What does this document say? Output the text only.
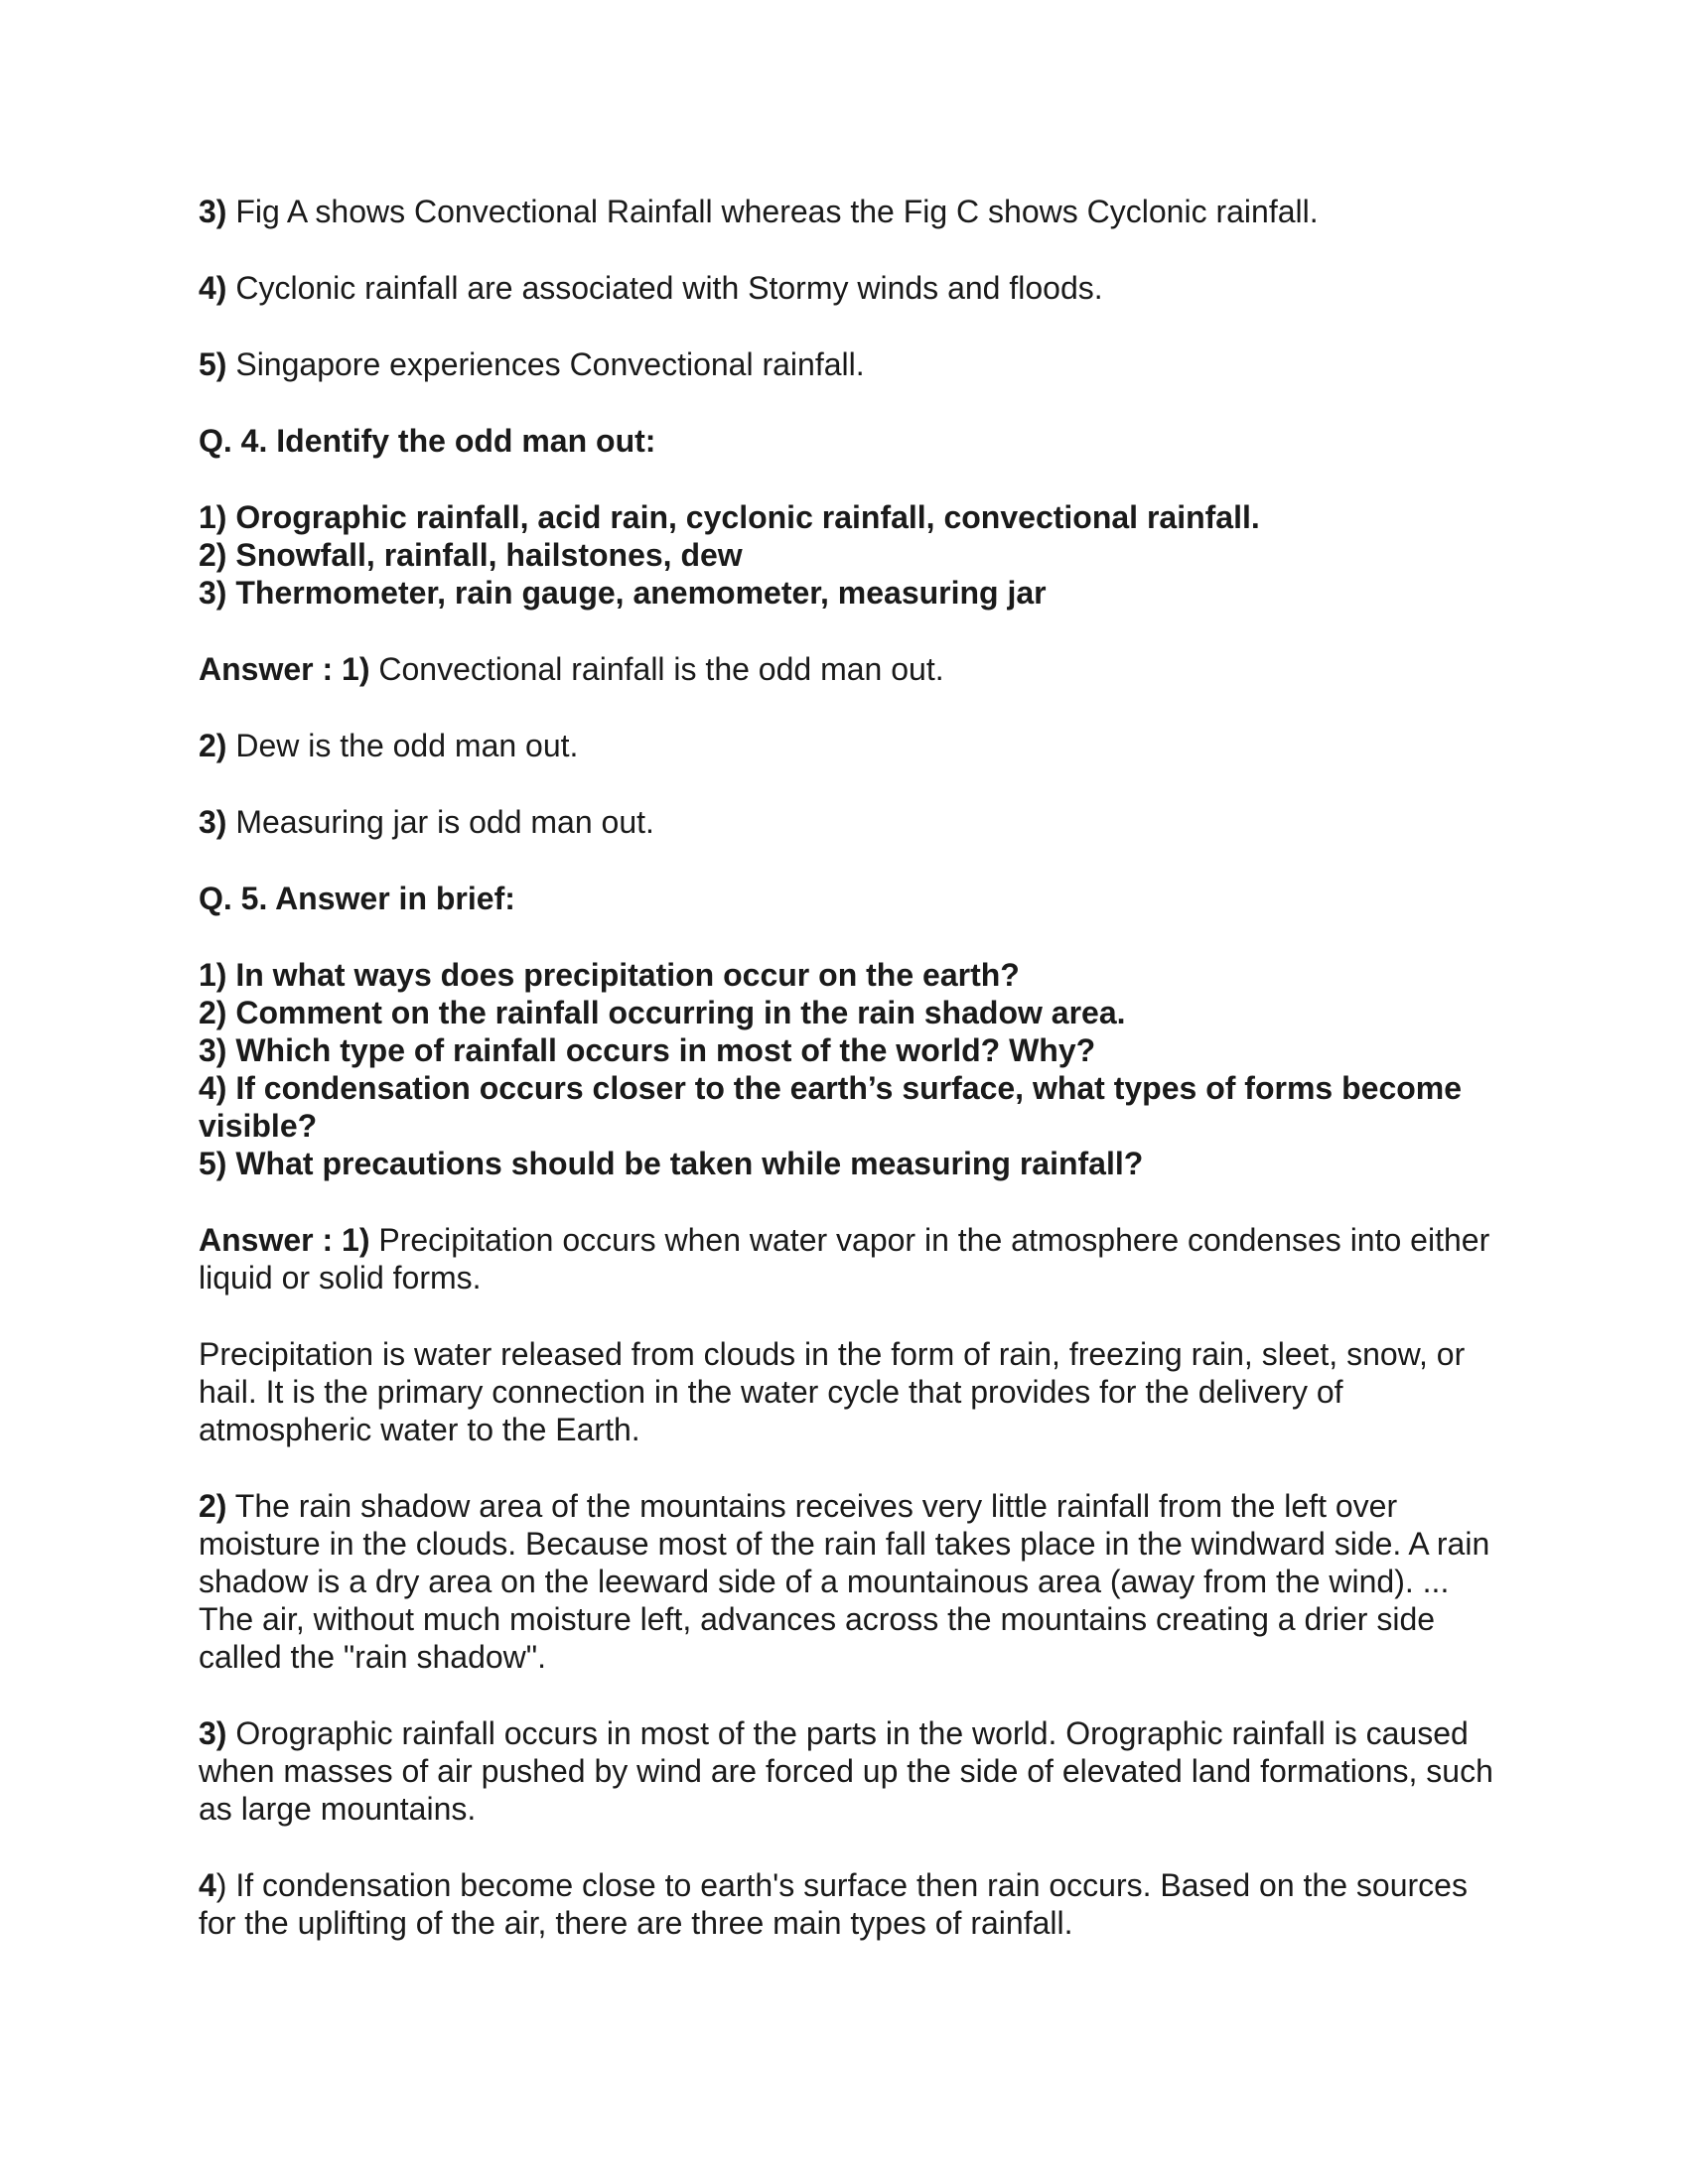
3) Fig A shows Convectional Rainfall whereas the Fig C shows Cyclonic rainfall.

4) Cyclonic rainfall are associated with Stormy winds and floods.

5) Singapore experiences Convectional rainfall.

Q. 4. Identify the odd man out:

1) Orographic rainfall, acid rain, cyclonic rainfall, convectional rainfall.

2) Snowfall, rainfall, hailstones, dew

3) Thermometer, rain gauge, anemometer, measuring jar

Answer : 1) Convectional rainfall is the odd man out.

2) Dew is the odd man out.

3) Measuring jar is odd man out.

Q. 5. Answer in brief:

1) In what ways does precipitation occur on the earth?

2) Comment on the rainfall occurring in the rain shadow area.

3) Which type of rainfall occurs in most of the world? Why?

4) If condensation occurs closer to the earth’s surface, what types of forms become visible?

5) What precautions should be taken while measuring rainfall?

Answer : 1) Precipitation occurs when water vapor in the atmosphere condenses into either liquid or solid forms.

Precipitation is water released from clouds in the form of rain, freezing rain, sleet, snow, or hail. It is the primary connection in the water cycle that provides for the delivery of atmospheric water to the Earth.

2) The rain shadow area of the mountains receives very little rainfall from the left over moisture in the clouds. Because most of the rain fall takes place in the windward side. A rain shadow is a dry area on the leeward side of a mountainous area (away from the wind). ... The air, without much moisture left, advances across the mountains creating a drier side called the "rain shadow".

3) Orographic rainfall occurs in most of the parts in the world. Orographic rainfall is caused when masses of air pushed by wind are forced up the side of elevated land formations, such as large mountains.

4) If condensation become close to earth's surface then rain occurs. Based on the sources for the uplifting of the air, there are three main types of rainfall.
